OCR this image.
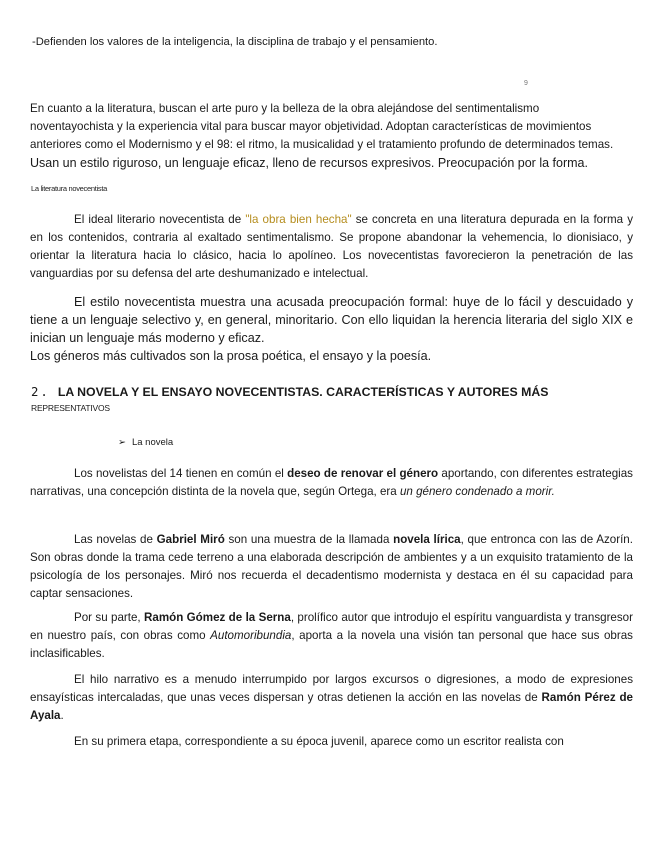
-Defienden los valores de la inteligencia, la disciplina de trabajo y el pensamiento.

9
En cuanto a la literatura, buscan el arte puro y la belleza de la obra alejándose del sentimentalismo
noventayochista y la experiencia vital para buscar mayor objetividad. Adoptan características de movimientos
anteriores como el Modernismo y el 98: el ritmo, la musicalidad y el tratamiento profundo de determinados temas.
Usan un estilo riguroso, un lenguaje eficaz, lleno de recursos expresivos. Preocupación por la forma.
La literatura novecentista

El ideal literario novecentista de "la obra bien hecha" se concreta en una literatura depurada en la forma y en los contenidos, contraria al exaltado sentimentalismo. Se propone abandonar la vehemencia, lo dionisiaco, y orientar la literatura hacia lo clásico, hacia lo apolíneo. Los novecentistas favorecieron la penetración de las vanguardias por su defensa del arte deshumanizado e intelectual.

El estilo novecentista muestra una acusada preocupación formal: huye de lo fácil y descuidado y tiene a un lenguaje selectivo y, en general, minoritario. Con ello liquidan la herencia literaria del siglo XIX e inician un lenguaje más moderno y eficaz.
Los géneros más cultivados son la prosa poética, el ensayo y la poesía.
2. LA NOVELA Y EL ENSAYO NOVECENTISTAS. CARACTERÍSTICAS Y AUTORES MÁS
REPRESENTATIVOS
➢ La novela

Los novelistas del 14 tienen en común el deseo de renovar el género aportando, con diferentes estrategias narrativas, una concepción distinta de la novela que, según Ortega, era un género condenado a morir.

Las novelas de Gabriel Miró son una muestra de la llamada novela lírica, que entronca con las de Azorín. Son obras donde la trama cede terreno a una elaborada descripción de ambientes y a un exquisito tratamiento de la psicología de los personajes. Miró nos recuerda el decadentismo modernista y destaca en él su capacidad para captar sensaciones.

Por su parte, Ramón Gómez de la Serna, prolífico autor que introdujo el espíritu vanguardista y transgresor en nuestro país, con obras como Automoribundia, aporta a la novela una visión tan personal que hace sus obras inclasificables.

El hilo narrativo es a menudo interrumpido por largos excursos o digresiones, a modo de expresiones ensayísticas intercaladas, que unas veces dispersan y otras detienen la acción en las novelas de Ramón Pérez de Ayala.

En su primera etapa, correspondiente a su época juvenil, aparece como un escritor realista con
